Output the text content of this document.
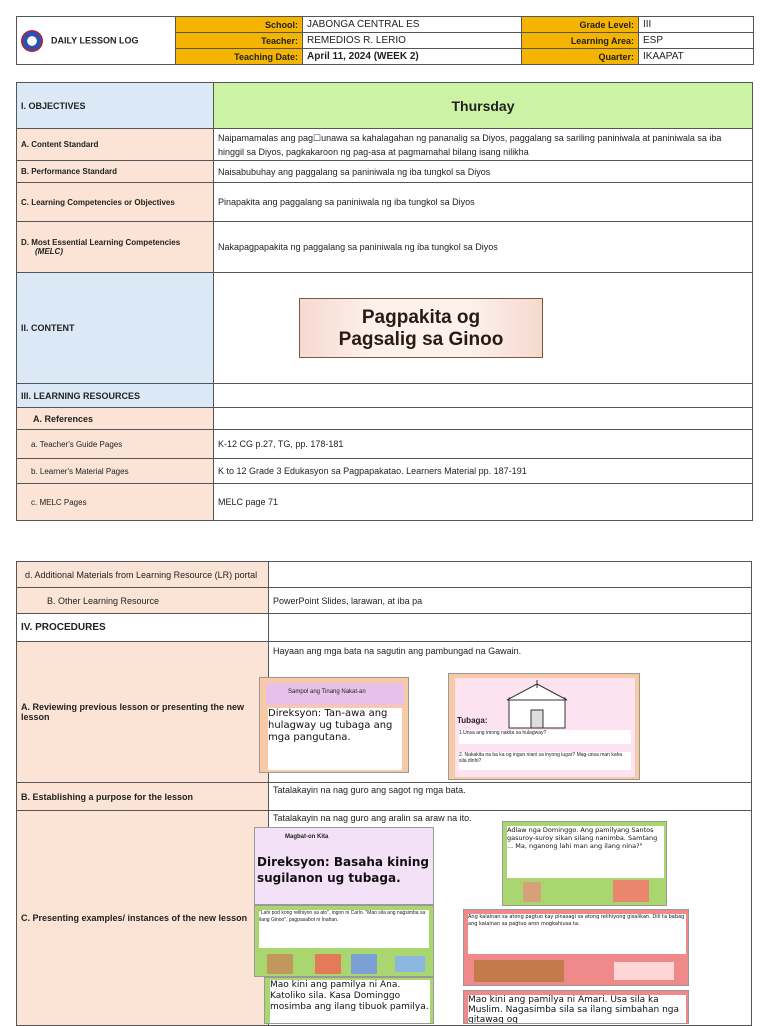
DAILY LESSON LOG	School:	JABONGA CENTRAL ES	Grade Level:	III
	Teacher:	REMEDIOS R. LERIO	Learning Area:	ESP
	Teaching Date:	April 11, 2024 (WEEK 2)	Quarter:	IKAAPAT
I. OBJECTIVES	Thursday
A. Content Standard	Naipamamalas ang pag☐unawa sa kahalagahan ng pananalig sa Diyos, paggalang sa sariling paniniwala at paniniwala sa iba hinggil sa Diyos, pagkakaroon ng pag-asa at pagmamahal bilang isang nilikha
B. Performance Standard	Naisabubuhay ang paggalang sa paniniwala ng iba tungkol sa Diyos
C. Learning Competencies or Objectives	Pinapakita ang paggalang sa paniniwala ng iba tungkol sa Diyos
D. Most Essential Learning Competencies
(MELC)	Nakapagpapakita ng paggalang sa paniniwala ng iba tungkol sa Diyos
II. CONTENT	
III. LEARNING RESOURCES	
A. References	
a. Teacher's Guide Pages	K-12 CG p.27, TG, pp. 178-181
b. Learner's Material Pages	K to 12 Grade 3 Edukasyon sa Pagpapakatao. Learners Material pp. 187-191
c. MELC Pages	MELC page 71
Pagpakita og
Pagsalig sa Ginoo
d. Additional Materials from Learning Resource (LR) portal	
B. Other Learning Resource	PowerPoint Slides, larawan, at iba pa
IV. PROCEDURES	
A. Reviewing previous lesson or presenting the new lesson	Hayaan ang mga bata na sagutin ang pambungad na Gawain.
B. Establishing a purpose for the lesson	Tatalakayin na nag guro ang sagot ng mga bata.
C. Presenting examples/ instances of the new lesson	Tatalakayin na nag guro ang aralin sa araw na ito.
Sampol ang Tinang Nakat-an
Direksyon: Tan-awa ang hulagway ug tubaga ang mga pangutana.
Tubaga:
1.Unsa ang imong nakita sa hulagway?
2. Nakakita na ba ka og ingun niani sa inyong lugar? Mag-unsa man kaha sila dinhi?
Magbat-on Kita
Direksyon: Basaha kining sugilanon ug tubaga.
"Lahi pod kong relihiyon sa ato", ingon ni Carlo. "Mao sila ang nagsimba sa ilang Ginoo", pagpasabot ni Inahan.
Mao kini ang pamilya ni Ana. Katoliko sila. Kasa Dominggo mosimba ang ilang tibuok pamilya.
Adlaw nga Dominggo. Ang pamilyang Santos gasuroy-suroy sikan silang nanimba. Samtang ... Ma, nganong lahi man ang ilang nina?"
Ang kalainan sa atong pagtuo kay pinasagi sa atong relihiyong gisalikan. Dili ta babag ang kalainan sa pagtuo aron mogkahiusa ta.
Mao kini ang pamilya ni Amari. Usa sila ka Muslim. Nagasimba sila sa ilang simbahan nga gitawag og
